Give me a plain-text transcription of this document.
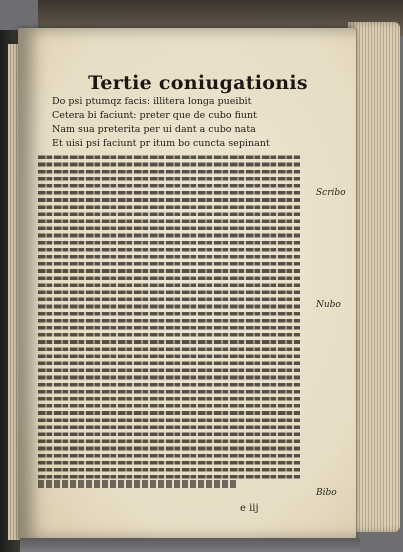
Tertie coniugationis
Do psi ptumqz facis: illitera longa pueibit
Cetera bi faciunt: preter que de cubo fiunt
Nam sua preterita per ui dant a cubo nata
Et uisi psi faciunt pr itum bo cuncta sepinant
Scribo
Nubo
Bibo
e iij
